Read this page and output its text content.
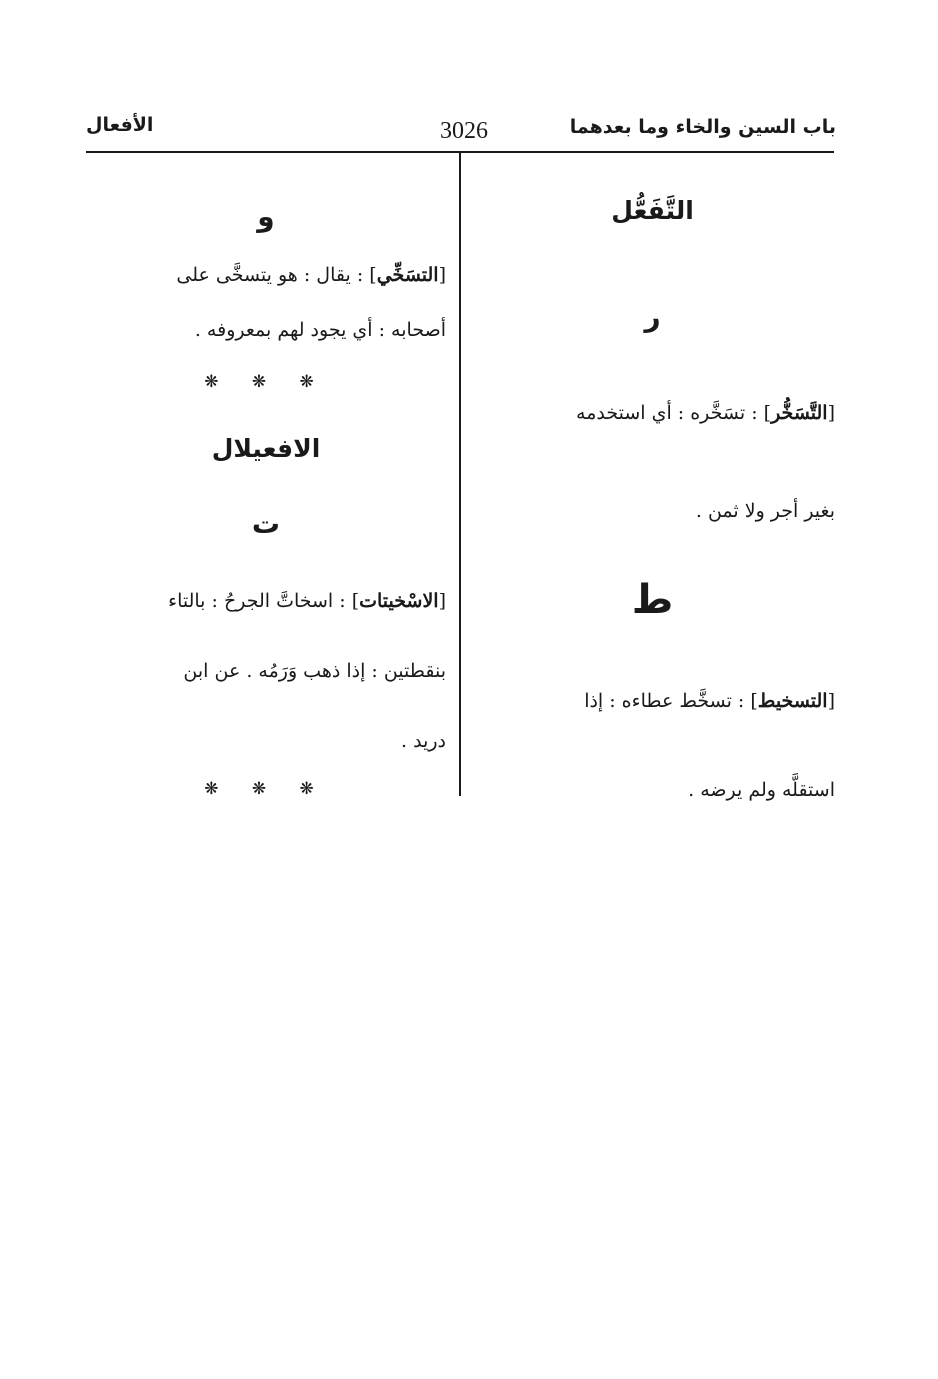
باب السين والخاء وما بعدهما
3026
الأفعال
التَّفَعُّل
ر
[التَّسَخُّر] : تسَخَّره : أي استخدمه
بغير أجر ولا ثمن .
ط
[التسخيط] : تسخَّط عطاءه : إذا
استقلَّه ولم يرضه .
و
[التسَخِّي] : يقال : هو يتسخَّى على
أصحابه : أي يجود لهم بمعروفه .
❋ ❋ ❋
الافعيلال
ت
[الاسْخيتات] : اسخاتَّ الجرحُ : بالتاء
بنقطتين : إذا ذهب وَرَمُه . عن ابن
دريد .
❋ ❋ ❋
.
.
.
